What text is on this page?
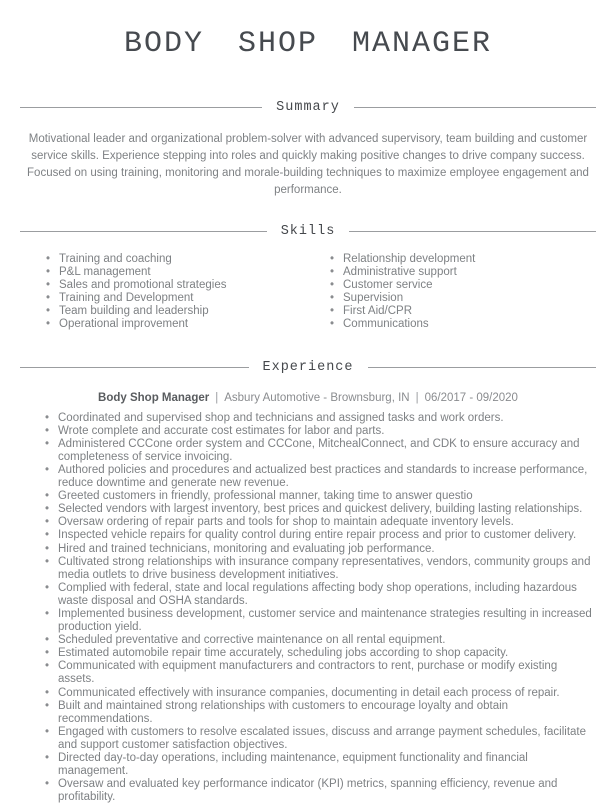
BODY SHOP MANAGER
Summary

Motivational leader and organizational problem-solver with advanced supervisory, team building and customer service skills. Experience stepping into roles and quickly making positive changes to drive company success. Focused on using training, monitoring and morale-building techniques to maximize employee engagement and performance.

Skills
• Training and coaching
• P&L management
• Sales and promotional strategies
• Training and Development
• Team building and leadership
• Operational improvement
• Relationship development
• Administrative support
• Customer service
• Supervision
• First Aid/CPR
• Communications
Experience
Body Shop Manager | Asbury Automotive - Brownsburg, IN | 06/2017 - 09/2020
• Coordinated and supervised shop and technicians and assigned tasks and work orders.
• Wrote complete and accurate cost estimates for labor and parts.
• Administered CCCone order system and CCCone, MitchealConnect, and CDK to ensure accuracy and completeness of service invoicing.
• Authored policies and procedures and actualized best practices and standards to increase performance, reduce downtime and generate new revenue.
• Greeted customers in friendly, professional manner, taking time to answer questio
• Selected vendors with largest inventory, best prices and quickest delivery, building lasting relationships.
• Oversaw ordering of repair parts and tools for shop to maintain adequate inventory levels.
• Inspected vehicle repairs for quality control during entire repair process and prior to customer delivery.
• Hired and trained technicians, monitoring and evaluating job performance.
• Cultivated strong relationships with insurance company representatives, vendors, community groups and media outlets to drive business development initiatives.
• Complied with federal, state and local regulations affecting body shop operations, including hazardous waste disposal and OSHA standards.
• Implemented business development, customer service and maintenance strategies resulting in increased production yield.
• Scheduled preventative and corrective maintenance on all rental equipment.
• Estimated automobile repair time accurately, scheduling jobs according to shop capacity.
• Communicated with equipment manufacturers and contractors to rent, purchase or modify existing assets.
• Communicated effectively with insurance companies, documenting in detail each process of repair.
• Built and maintained strong relationships with customers to encourage loyalty and obtain recommendations.
• Engaged with customers to resolve escalated issues, discuss and arrange payment schedules, facilitate and support customer satisfaction objectives.
• Directed day-to-day operations, including maintenance, equipment functionality and financial management.
• Oversaw and evaluated key performance indicator (KPI) metrics, spanning efficiency, revenue and profitability.
